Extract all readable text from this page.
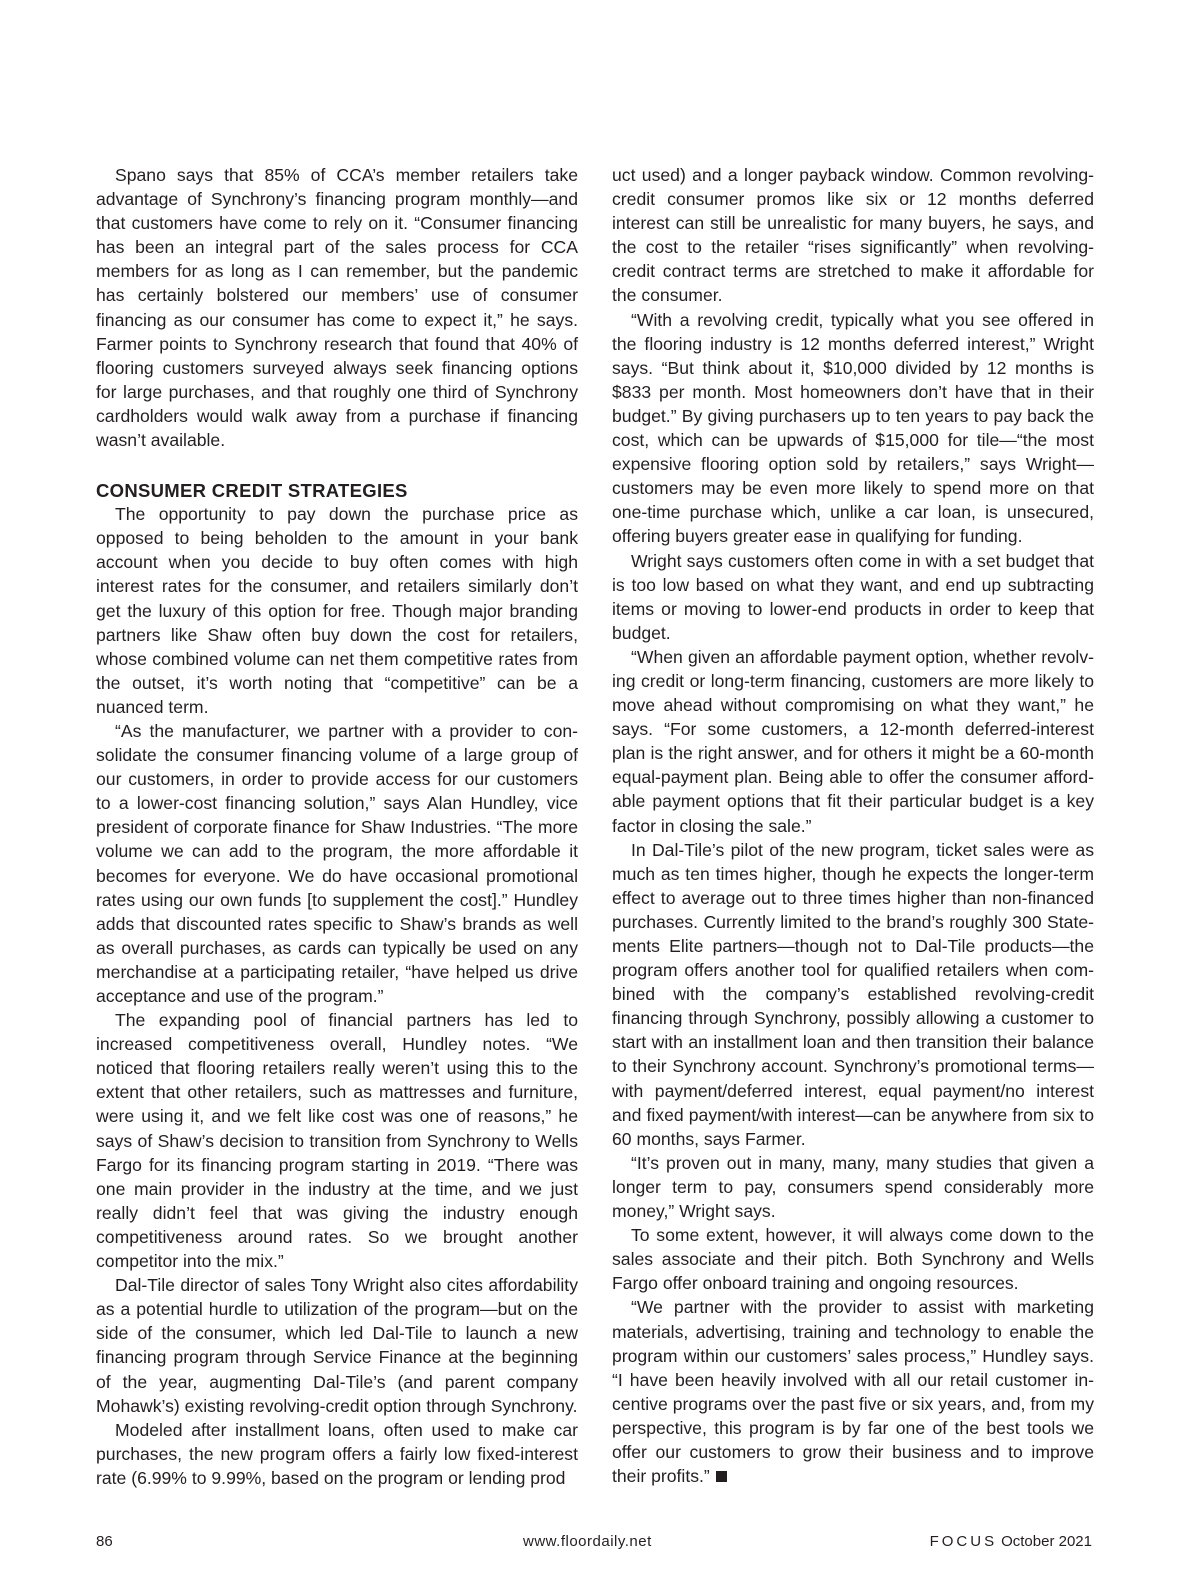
Spano says that 85% of CCA’s member retailers take advantage of Synchrony’s financing program monthly—and that customers have come to rely on it. “Consumer financing has been an integral part of the sales process for CCA members for as long as I can remember, but the pandemic has certainly bolstered our members’ use of consumer financing as our consumer has come to expect it,” he says. Farmer points to Synchrony research that found that 40% of flooring customers surveyed always seek financing options for large purchases, and that roughly one third of Synchrony cardholders would walk away from a purchase if financing wasn’t available.

CONSUMER CREDIT STRATEGIES

The opportunity to pay down the purchase price as opposed to being beholden to the amount in your bank account when you decide to buy often comes with high interest rates for the consumer, and retailers similarly don’t get the luxury of this option for free. Though major branding partners like Shaw often buy down the cost for retailers, whose combined volume can net them competitive rates from the outset, it’s worth noting that “competitive” can be a nuanced term.

“As the manufacturer, we partner with a provider to consolidate the consumer financing volume of a large group of our customers, in order to provide access for our customers to a lower-cost financing solution,” says Alan Hundley, vice president of corporate finance for Shaw Industries. “The more volume we can add to the program, the more affordable it becomes for everyone. We do have occasional promotional rates using our own funds [to supplement the cost].” Hundley adds that discounted rates specific to Shaw’s brands as well as overall purchases, as cards can typically be used on any merchandise at a participating retailer, “have helped us drive acceptance and use of the program.”

The expanding pool of financial partners has led to increased competitiveness overall, Hundley notes. “We noticed that flooring retailers really weren’t using this to the extent that other retailers, such as mattresses and furniture, were using it, and we felt like cost was one of reasons,” he says of Shaw’s decision to transition from Synchrony to Wells Fargo for its financing program starting in 2019. “There was one main provider in the industry at the time, and we just really didn’t feel that was giving the industry enough competitiveness around rates. So we brought another competitor into the mix.”

Dal-Tile director of sales Tony Wright also cites affordability as a potential hurdle to utilization of the program—but on the side of the consumer, which led Dal-Tile to launch a new financing program through Service Finance at the beginning of the year, augmenting Dal-Tile’s (and parent company Mohawk’s) existing revolving-credit option through Synchrony.

Modeled after installment loans, often used to make car purchases, the new program offers a fairly low fixed-interest rate (6.99% to 9.99%, based on the program or lending prod

uct used) and a longer payback window. Common revolving-credit consumer promos like six or 12 months deferred interest can still be unrealistic for many buyers, he says, and the cost to the retailer “rises significantly” when revolving-credit contract terms are stretched to make it affordable for the consumer.

“With a revolving credit, typically what you see offered in the flooring industry is 12 months deferred interest,” Wright says. “But think about it, $10,000 divided by 12 months is $833 per month. Most homeowners don’t have that in their budget.” By giving purchasers up to ten years to pay back the cost, which can be upwards of $15,000 for tile—“the most expensive flooring option sold by retailers,” says Wright—customers may be even more likely to spend more on that one-time purchase which, unlike a car loan, is unsecured, offering buyers greater ease in qualifying for funding.

Wright says customers often come in with a set budget that is too low based on what they want, and end up subtracting items or moving to lower-end products in order to keep that budget.

“When given an affordable payment option, whether revolving credit or long-term financing, customers are more likely to move ahead without compromising on what they want,” he says. “For some customers, a 12-month deferred-interest plan is the right answer, and for others it might be a 60-month equal-payment plan. Being able to offer the consumer affordable payment options that fit their particular budget is a key factor in closing the sale.”

In Dal-Tile’s pilot of the new program, ticket sales were as much as ten times higher, though he expects the longer-term effect to average out to three times higher than non-financed purchases. Currently limited to the brand’s roughly 300 Statements Elite partners—though not to Dal-Tile products—the program offers another tool for qualified retailers when combined with the company’s established revolving-credit financing through Synchrony, possibly allowing a customer to start with an installment loan and then transition their balance to their Synchrony account. Synchrony’s promotional terms—with payment/deferred interest, equal payment/no interest and fixed payment/with interest—can be anywhere from six to 60 months, says Farmer.

“It’s proven out in many, many, many studies that given a longer term to pay, consumers spend considerably more money,” Wright says.

To some extent, however, it will always come down to the sales associate and their pitch. Both Synchrony and Wells Fargo offer onboard training and ongoing resources.

“We partner with the provider to assist with marketing materials, advertising, training and technology to enable the program within our customers’ sales process,” Hundley says. “I have been heavily involved with all our retail customer incentive programs over the past five or six years, and, from my perspective, this program is by far one of the best tools we offer our customers to grow their business and to improve their profits.”

86	www.floordaily.net	FOCUS October 2021
